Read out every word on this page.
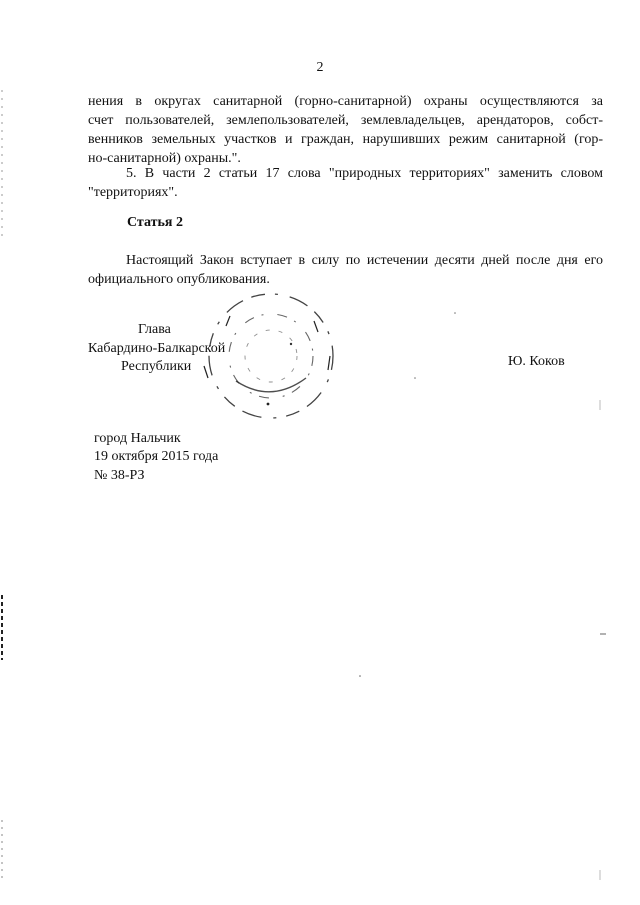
2
нения в округах санитарной (горно-санитарной) охраны осуществляются за
счет пользователей, землепользователей, землевладельцев, арендаторов, собст-
венников земельных участков и граждан, нарушивших режим санитарной (гор-
но-санитарной) охраны.".
5. В части 2 статьи 17 слова "природных территориях" заменить словом
"территориях".
Статья 2
Настоящий Закон вступает в силу по истечении десяти дней после дня его
официального опубликования.
Глава
Кабардино-Балкарской
Республики	Ю. Коков
город Нальчик
19 октября 2015 года
№ 38-РЗ
